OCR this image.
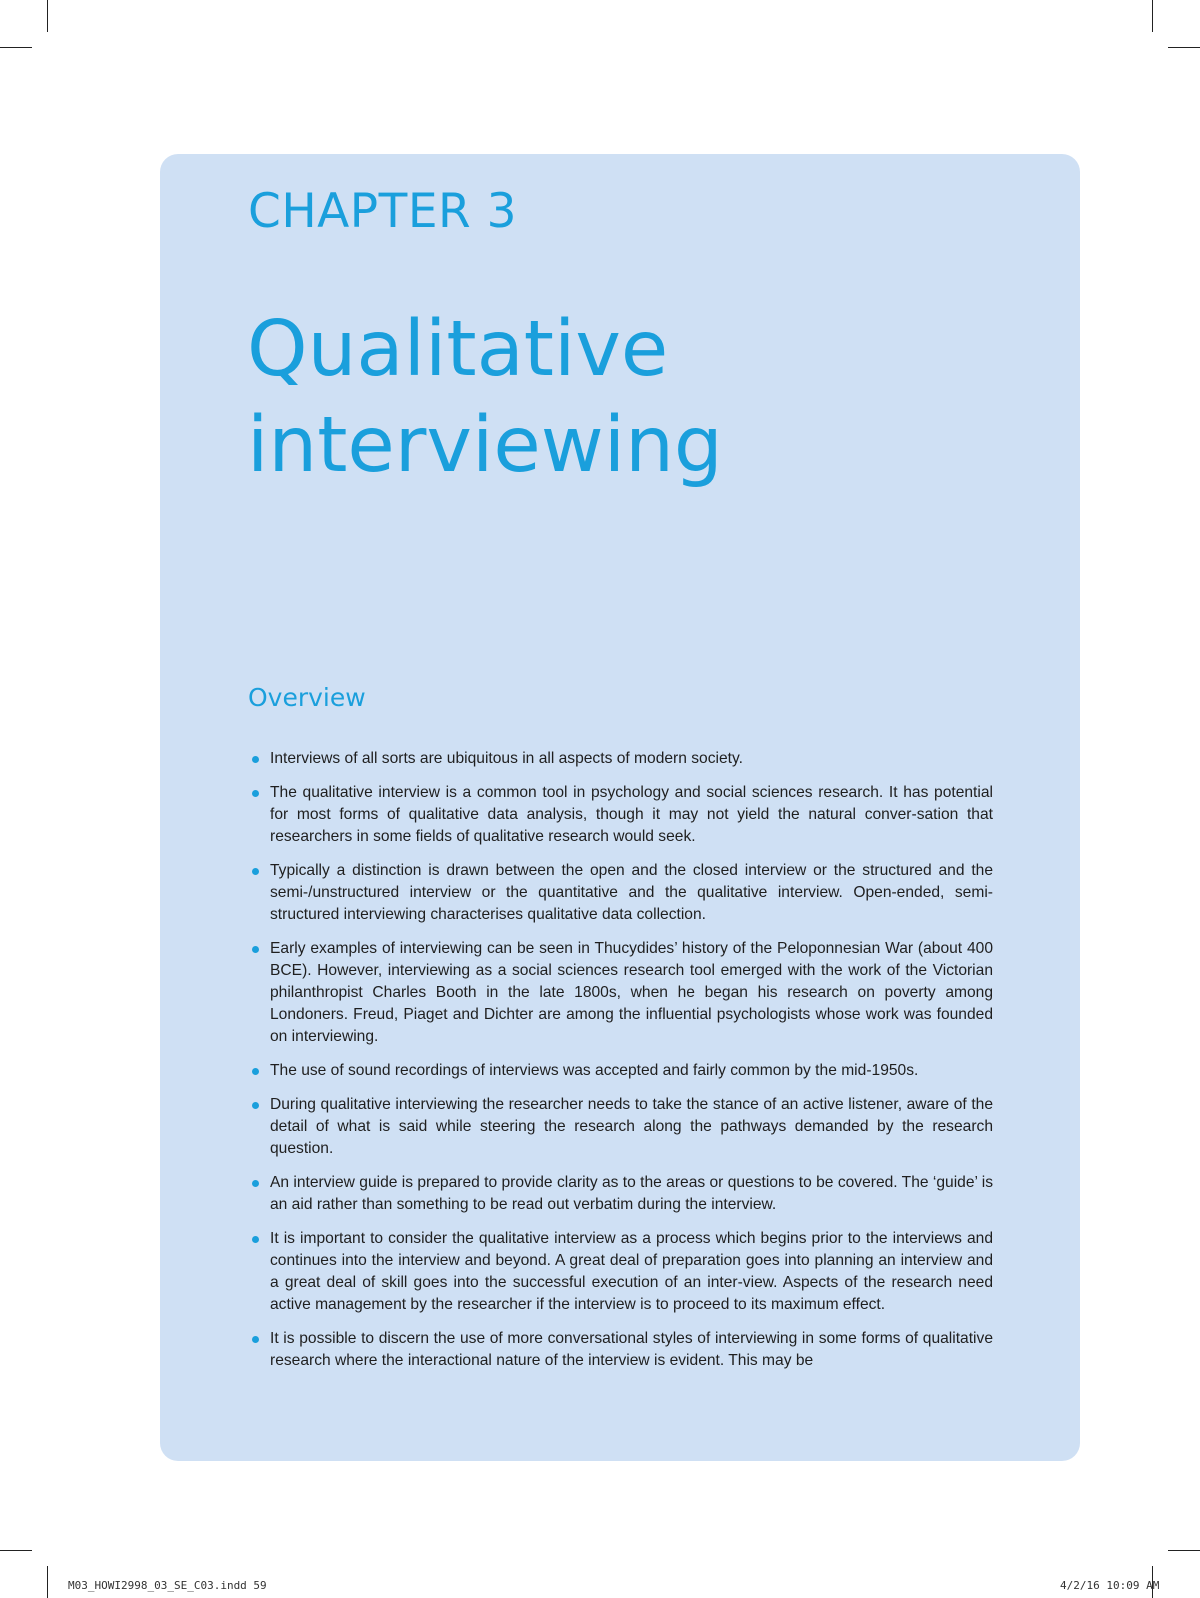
CHAPTER 3
Qualitative interviewing
Overview
Interviews of all sorts are ubiquitous in all aspects of modern society.
The qualitative interview is a common tool in psychology and social sciences research. It has potential for most forms of qualitative data analysis, though it may not yield the natural conver-sation that researchers in some fields of qualitative research would seek.
Typically a distinction is drawn between the open and the closed interview or the structured and the semi-/unstructured interview or the quantitative and the qualitative interview. Open-ended, semi-structured interviewing characterises qualitative data collection.
Early examples of interviewing can be seen in Thucydides’ history of the Peloponnesian War (about 400 BCE). However, interviewing as a social sciences research tool emerged with the work of the Victorian philanthropist Charles Booth in the late 1800s, when he began his research on poverty among Londoners. Freud, Piaget and Dichter are among the influential psychologists whose work was founded on interviewing.
The use of sound recordings of interviews was accepted and fairly common by the mid-1950s.
During qualitative interviewing the researcher needs to take the stance of an active listener, aware of the detail of what is said while steering the research along the pathways demanded by the research question.
An interview guide is prepared to provide clarity as to the areas or questions to be covered. The ‘guide’ is an aid rather than something to be read out verbatim during the interview.
It is important to consider the qualitative interview as a process which begins prior to the interviews and continues into the interview and beyond. A great deal of preparation goes into planning an interview and a great deal of skill goes into the successful execution of an inter-view. Aspects of the research need active management by the researcher if the interview is to proceed to its maximum effect.
It is possible to discern the use of more conversational styles of interviewing in some forms of qualitative research where the interactional nature of the interview is evident. This may be
M03_HOWI2998_03_SE_C03.indd 59	4/2/16 10:09 AM
